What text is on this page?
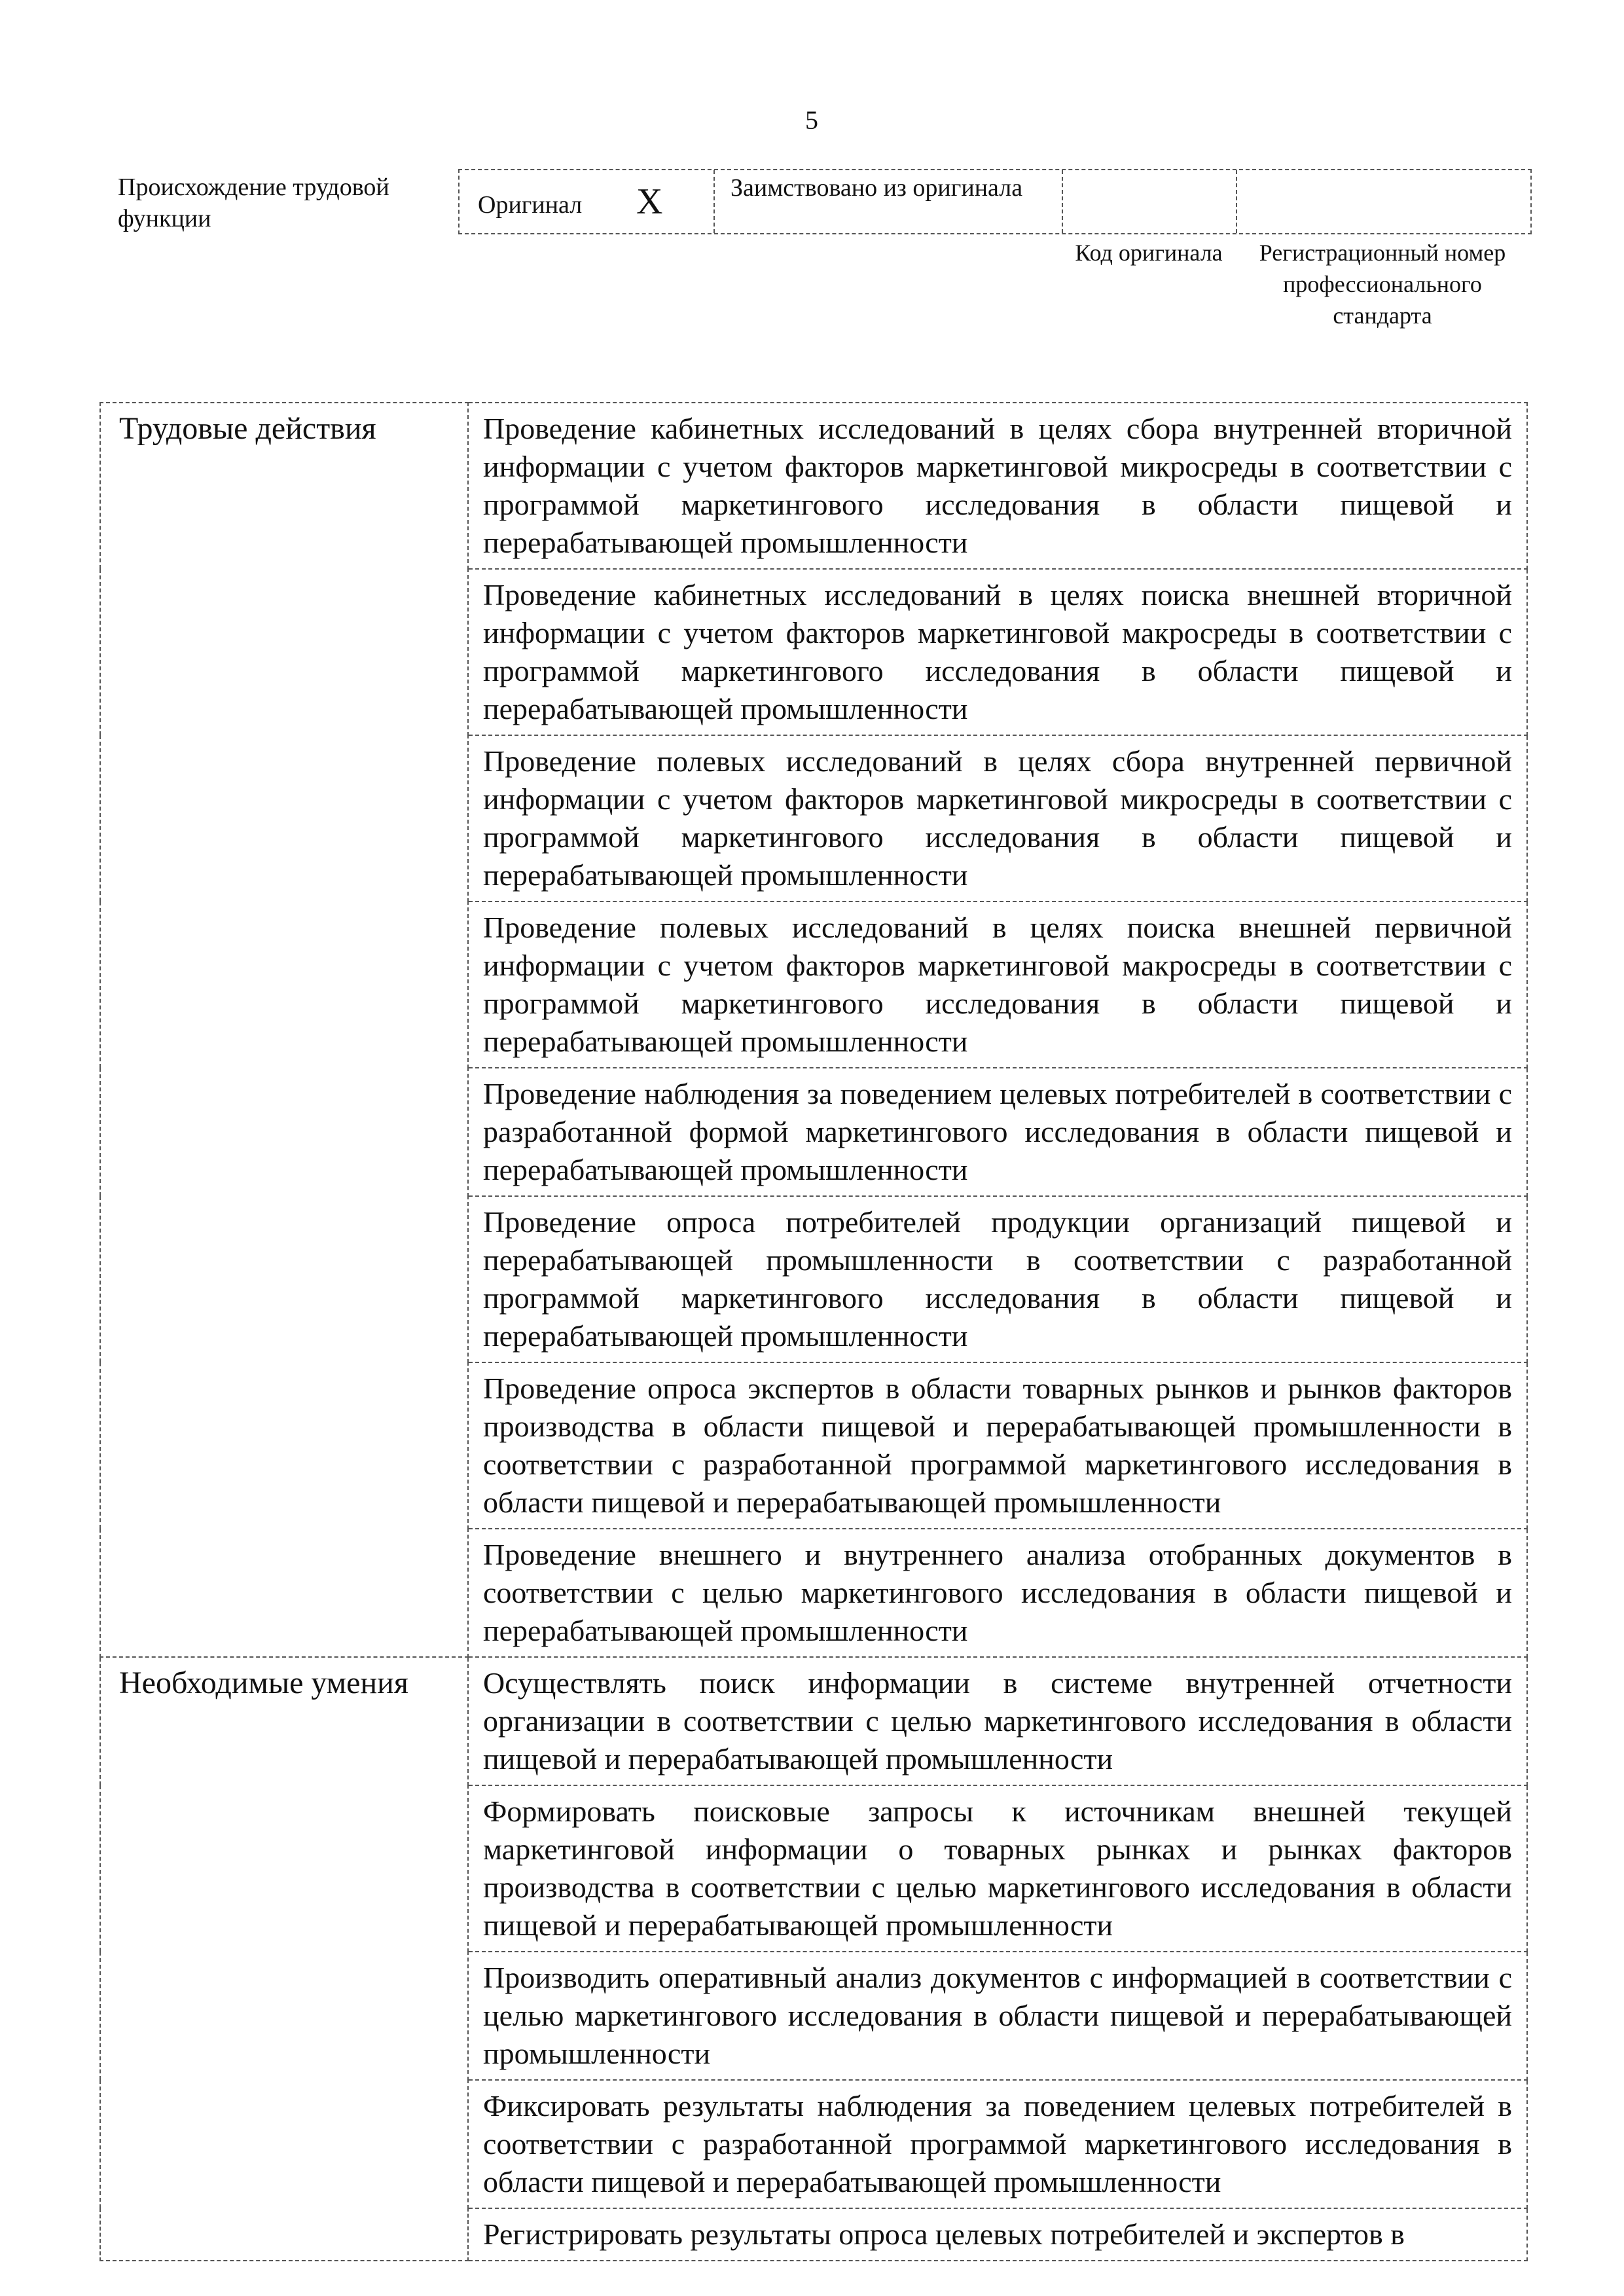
5
Происхождение трудовой функции	Оригинал X	Заимствовано из оригинала
Код оригинала	Регистрационный номер профессионального стандарта
Трудовые действия	Проведение кабинетных исследований в целях сбора внутренней вторичной информации с учетом факторов маркетинговой микросреды в соответствии с программой маркетингового исследования в области пищевой и перерабатывающей промышленности
	Проведение кабинетных исследований в целях поиска внешней вторичной информации с учетом факторов маркетинговой макросреды в соответствии с программой маркетингового исследования в области пищевой и перерабатывающей промышленности
	Проведение полевых исследований в целях сбора внутренней первичной информации с учетом факторов маркетинговой микросреды в соответствии с программой маркетингового исследования в области пищевой и перерабатывающей промышленности
	Проведение полевых исследований в целях поиска внешней первичной информации с учетом факторов маркетинговой макросреды в соответствии с программой маркетингового исследования в области пищевой и перерабатывающей промышленности
	Проведение наблюдения за поведением целевых потребителей в соответствии с разработанной формой маркетингового исследования в области пищевой и перерабатывающей промышленности
	Проведение опроса потребителей продукции организаций пищевой и перерабатывающей промышленности в соответствии с разработанной программой маркетингового исследования в области пищевой и перерабатывающей промышленности
	Проведение опроса экспертов в области товарных рынков и рынков факторов производства в области пищевой и перерабатывающей промышленности в соответствии с разработанной программой маркетингового исследования в области пищевой и перерабатывающей промышленности
	Проведение внешнего и внутреннего анализа отобранных документов в соответствии с целью маркетингового исследования в области пищевой и перерабатывающей промышленности
Необходимые умения	Осуществлять поиск информации в системе внутренней отчетности организации в соответствии с целью маркетингового исследования в области пищевой и перерабатывающей промышленности
	Формировать поисковые запросы к источникам внешней текущей маркетинговой информации о товарных рынках и рынках факторов производства в соответствии с целью маркетингового исследования в области пищевой и перерабатывающей промышленности
	Производить оперативный анализ документов с информацией в соответствии с целью маркетингового исследования в области пищевой и перерабатывающей промышленности
	Фиксировать результаты наблюдения за поведением целевых потребителей в соответствии с разработанной программой маркетингового исследования в области пищевой и перерабатывающей промышленности
	Регистрировать результаты опроса целевых потребителей и экспертов в
